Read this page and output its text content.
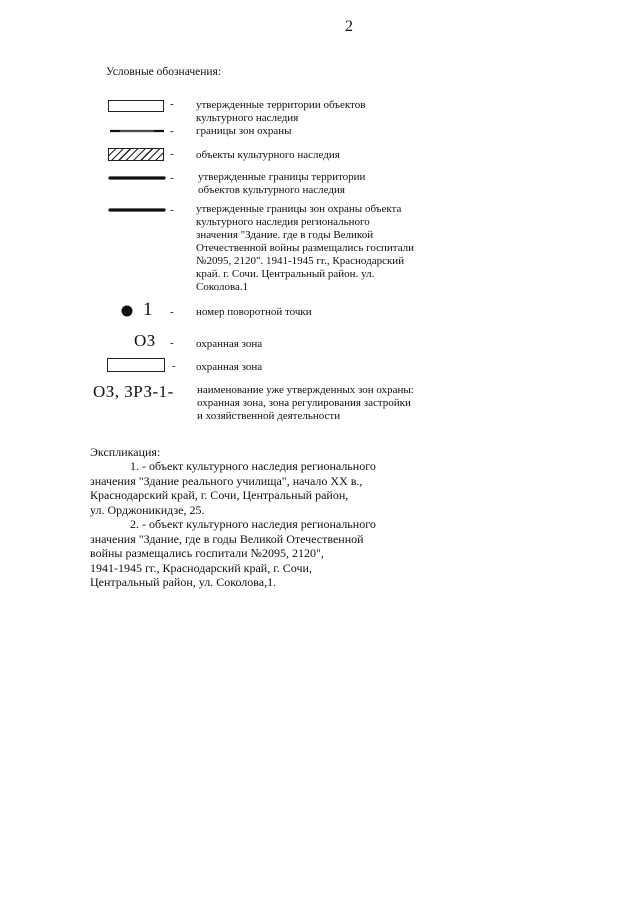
2
Условные обозначения:
- утвержденные территории объектов
культурного наследия
- границы зон охраны
- объекты культурного наследия
- утвержденные границы территории
объектов культурного наследия
- утвержденные границы зон охраны объекта
культурного наследия регионального
значения "Здание. где в годы Великой
Отечественной войны размещались госпитали
№2095, 2120". 1941-1945 гг., Краснодарский
край. г. Сочи. Центральный район. ул.
Соколова.1
1 - номер поворотной точки
ОЗ - охранная зона
- охранная зона
ОЗ, ЗРЗ-1- наименование уже утвержденных зон охраны:
охранная зона, зона регулирования застройки
и хозяйственной деятельности
Экспликация:
1. - объект культурного наследия регионального
значения "Здание реального училища", начало XX в.,
Краснодарский край, г. Сочи, Центральный район,
ул. Орджоникидзе, 25.
2. - объект культурного наследия регионального
значения "Здание, где в годы Великой Отечественной
войны размещались госпитали №2095, 2120",
1941-1945 гг., Краснодарский край, г. Сочи,
Центральный район, ул. Соколова,1.
